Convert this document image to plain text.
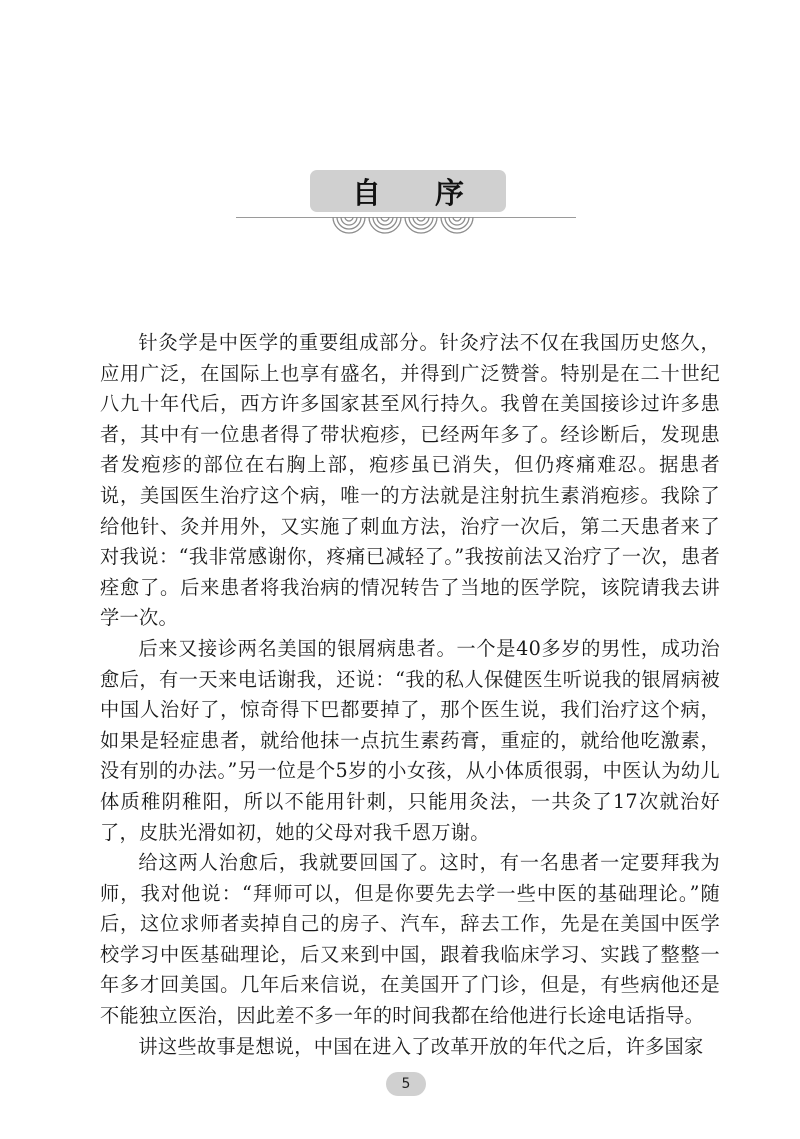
自序

针灸学是中医学的重要组成部分。针灸疗法不仅在我国历史悠久，应用广泛，在国际上也享有盛名，并得到广泛赞誉。特别是在二十世纪八九十年代后，西方许多国家甚至风行持久。我曾在美国接诊过许多患者，其中有一位患者得了带状疱疹，已经两年多了。经诊断后，发现患者发疱疹的部位在右胸上部，疱疹虽已消失，但仍疼痛难忍。据患者说，美国医生治疗这个病，唯一的方法就是注射抗生素消疱疹。我除了给他针、灸并用外，又实施了刺血方法，治疗一次后，第二天患者来了对我说：“我非常感谢你，疼痛已减轻了。”我按前法又治疗了一次，患者痊愈了。后来患者将我治病的情况转告了当地的医学院，该院请我去讲学一次。

后来又接诊两名美国的银屑病患者。一个是40多岁的男性，成功治愈后，有一天来电话谢我，还说：“我的私人保健医生听说我的银屑病被中国人治好了，惊奇得下巴都要掉了，那个医生说，我们治疗这个病，如果是轻症患者，就给他抹一点抗生素药膏，重症的，就给他吃激素，没有别的办法。”另一位是个5岁的小女孩，从小体质很弱，中医认为幼儿体质稚阴稚阳，所以不能用针刺，只能用灸法，一共灸了17次就治好了，皮肤光滑如初，她的父母对我千恩万谢。

给这两人治愈后，我就要回国了。这时，有一名患者一定要拜我为师，我对他说：“拜师可以，但是你要先去学一些中医的基础理论。”随后，这位求师者卖掉自己的房子、汽车，辞去工作，先是在美国中医学校学习中医基础理论，后又来到中国，跟着我临床学习、实践了整整一年多才回美国。几年后来信说，在美国开了门诊，但是，有些病他还是不能独立医治，因此差不多一年的时间我都在给他进行长途电话指导。

讲这些故事是想说，中国在进入了改革开放的年代之后，许多国家

5
